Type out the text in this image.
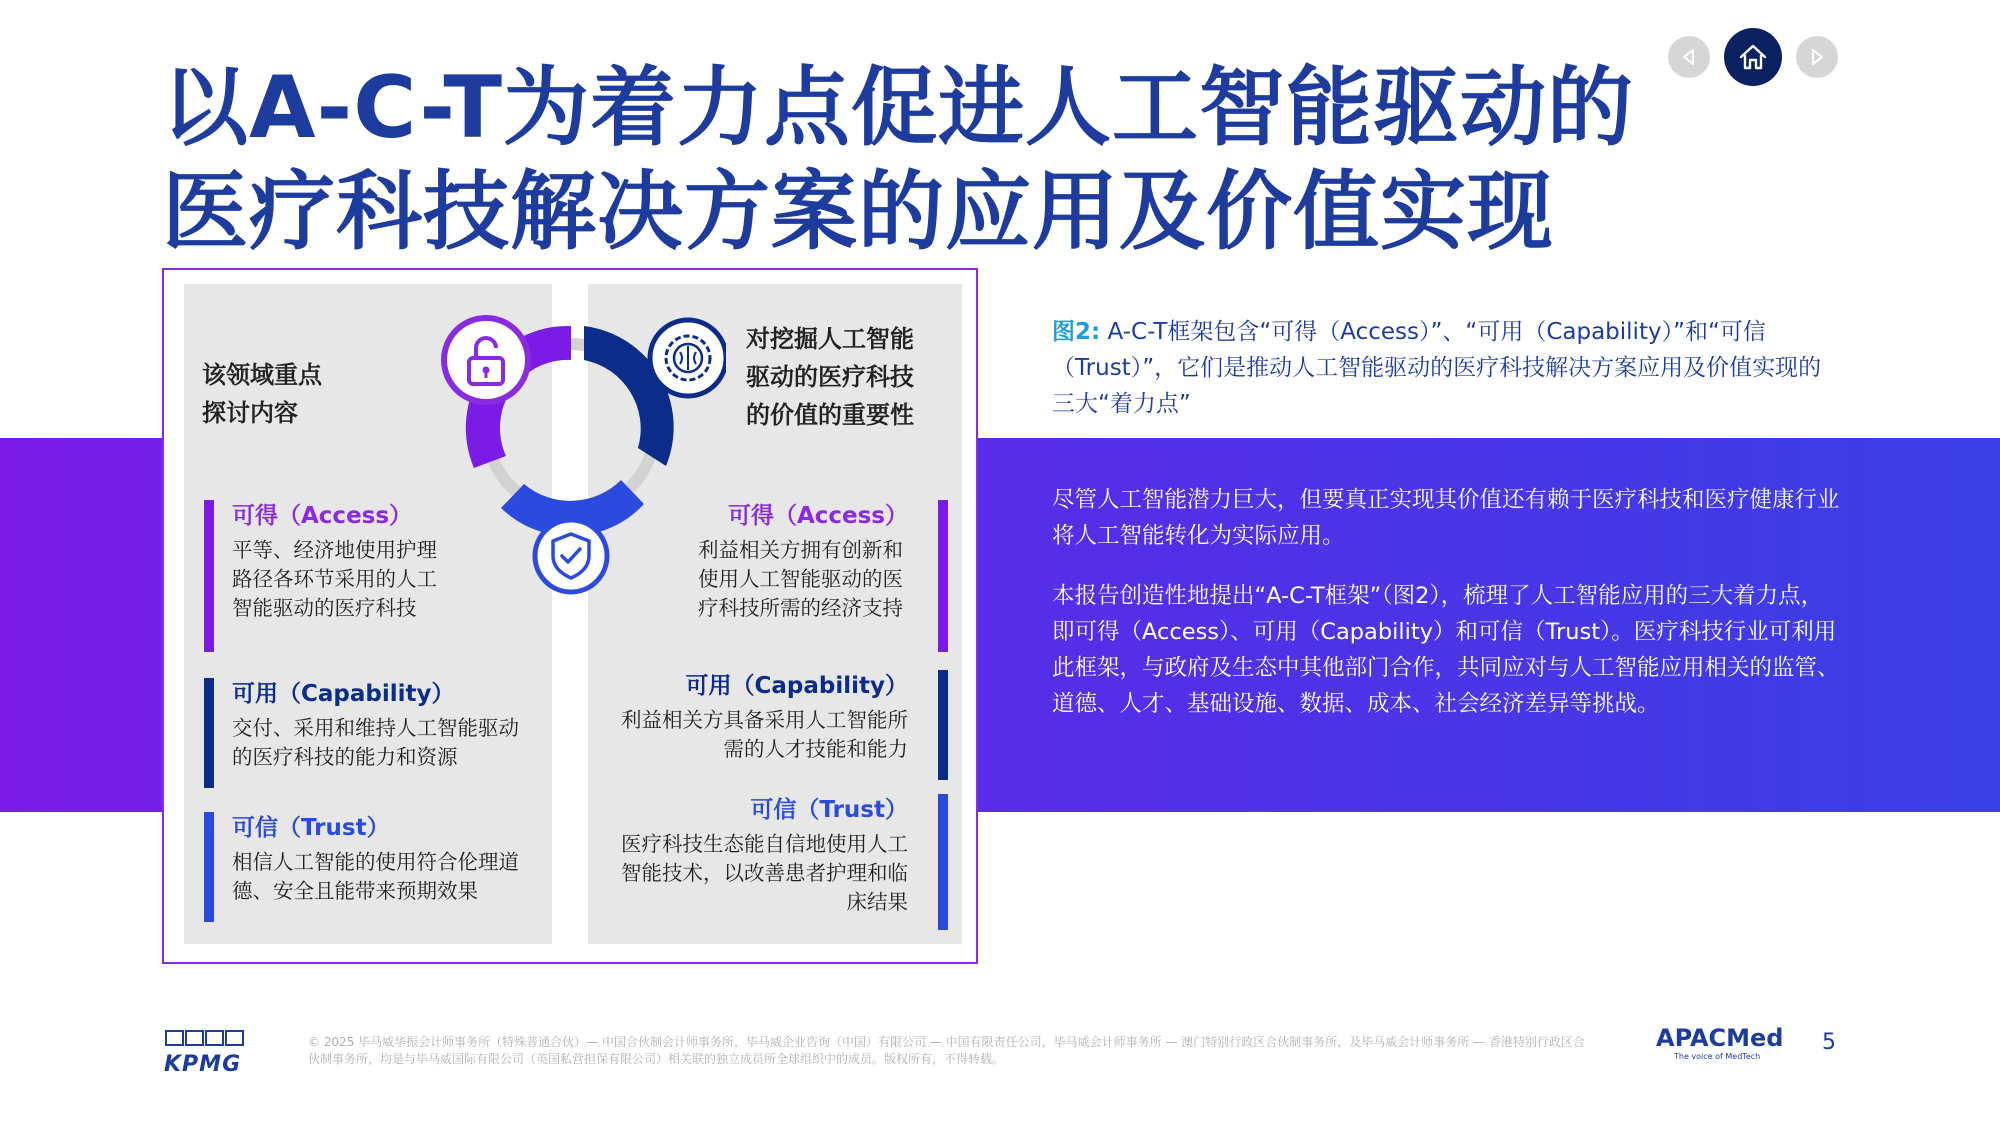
以A-C-T为着力点促进人工智能驱动的
医疗科技解决方案的应用及价值实现
该领域重点
探讨内容
对挖掘人工智能
驱动的医疗科技
的价值的重要性
可得（Access）

平等、经济地使用护理路径各环节采用的人工智能驱动的医疗科技

可用（Capability）

交付、采用和维持人工智能驱动的医疗科技的能力和资源

可信（Trust）

相信人工智能的使用符合伦理道德、安全且能带来预期效果

可得（Access）

利益相关方拥有创新和使用人工智能驱动的医疗科技所需的经济支持

可用（Capability）

利益相关方具备采用人工智能所需的人才技能和能力

可信（Trust）

医疗科技生态能自信地使用人工智能技术，以改善患者护理和临床结果

图2: A-C-T框架包含“可得（Access）”、“可用（Capability）”和“可信（Trust）”，它们是推动人工智能驱动的医疗科技解决方案应用及价值实现的三大“着力点”

尽管人工智能潜力巨大，但要真正实现其价值还有赖于医疗科技和医疗健康行业将人工智能转化为实际应用。

本报告创造性地提出“A-C-T框架”（图2），梳理了人工智能应用的三大着力点，即可得（Access）、可用（Capability）和可信（Trust）。医疗科技行业可利用此框架，与政府及生态中其他部门合作，共同应对与人工智能应用相关的监管、道德、人才、基础设施、数据、成本、社会经济差异等挑战。

KPMG
© 2025 毕马威华振会计师事务所（特殊普通合伙）— 中国合伙制会计师事务所，毕马威企业咨询（中国）有限公司 — 中国有限责任公司，毕马威会计师事务所 — 澳门特别行政区合伙制事务所，及毕马威会计师事务所 — 香港特别行政区合伙制事务所，均是与毕马威国际有限公司（英国私营担保有限公司）相关联的独立成员所全球组织中的成员。版权所有，不得转载。
APACMed
The voice of MedTech
5
